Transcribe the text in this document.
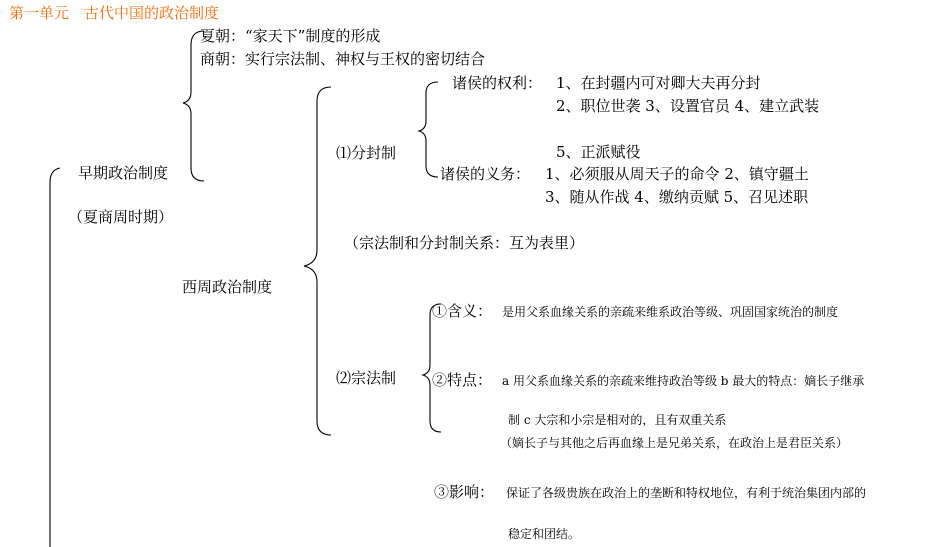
第一单元　古代中国的政治制度
夏朝：“家天下”制度的形成
商朝：实行宗法制、神权与王权的密切结合
早期政治制度
（夏商周时期）
西周政治制度
⑴分封制
诸侯的权利： 1、在封疆内可对卿大夫再分封
2、职位世袭 3、设置官员 4、建立武装
5、正派赋役
诸侯的义务： 1、必须服从周天子的命令 2、镇守疆土
3、随从作战 4、缴纳贡赋 5、召见述职
（宗法制和分封制关系：互为表里）
⑵宗法制
①含义： 是用父系血缘关系的亲疏来维系政治等级、巩固国家统治的制度
②特点： a 用父系血缘关系的亲疏来维持政治等级 b 最大的特点：嫡长子继承
制 c 大宗和小宗是相对的，且有双重关系
（嫡长子与其他之后再血缘上是兄弟关系，在政治上是君臣关系）
③影响： 保证了各级贵族在政治上的垄断和特权地位，有利于统治集团内部的
稳定和团结。
